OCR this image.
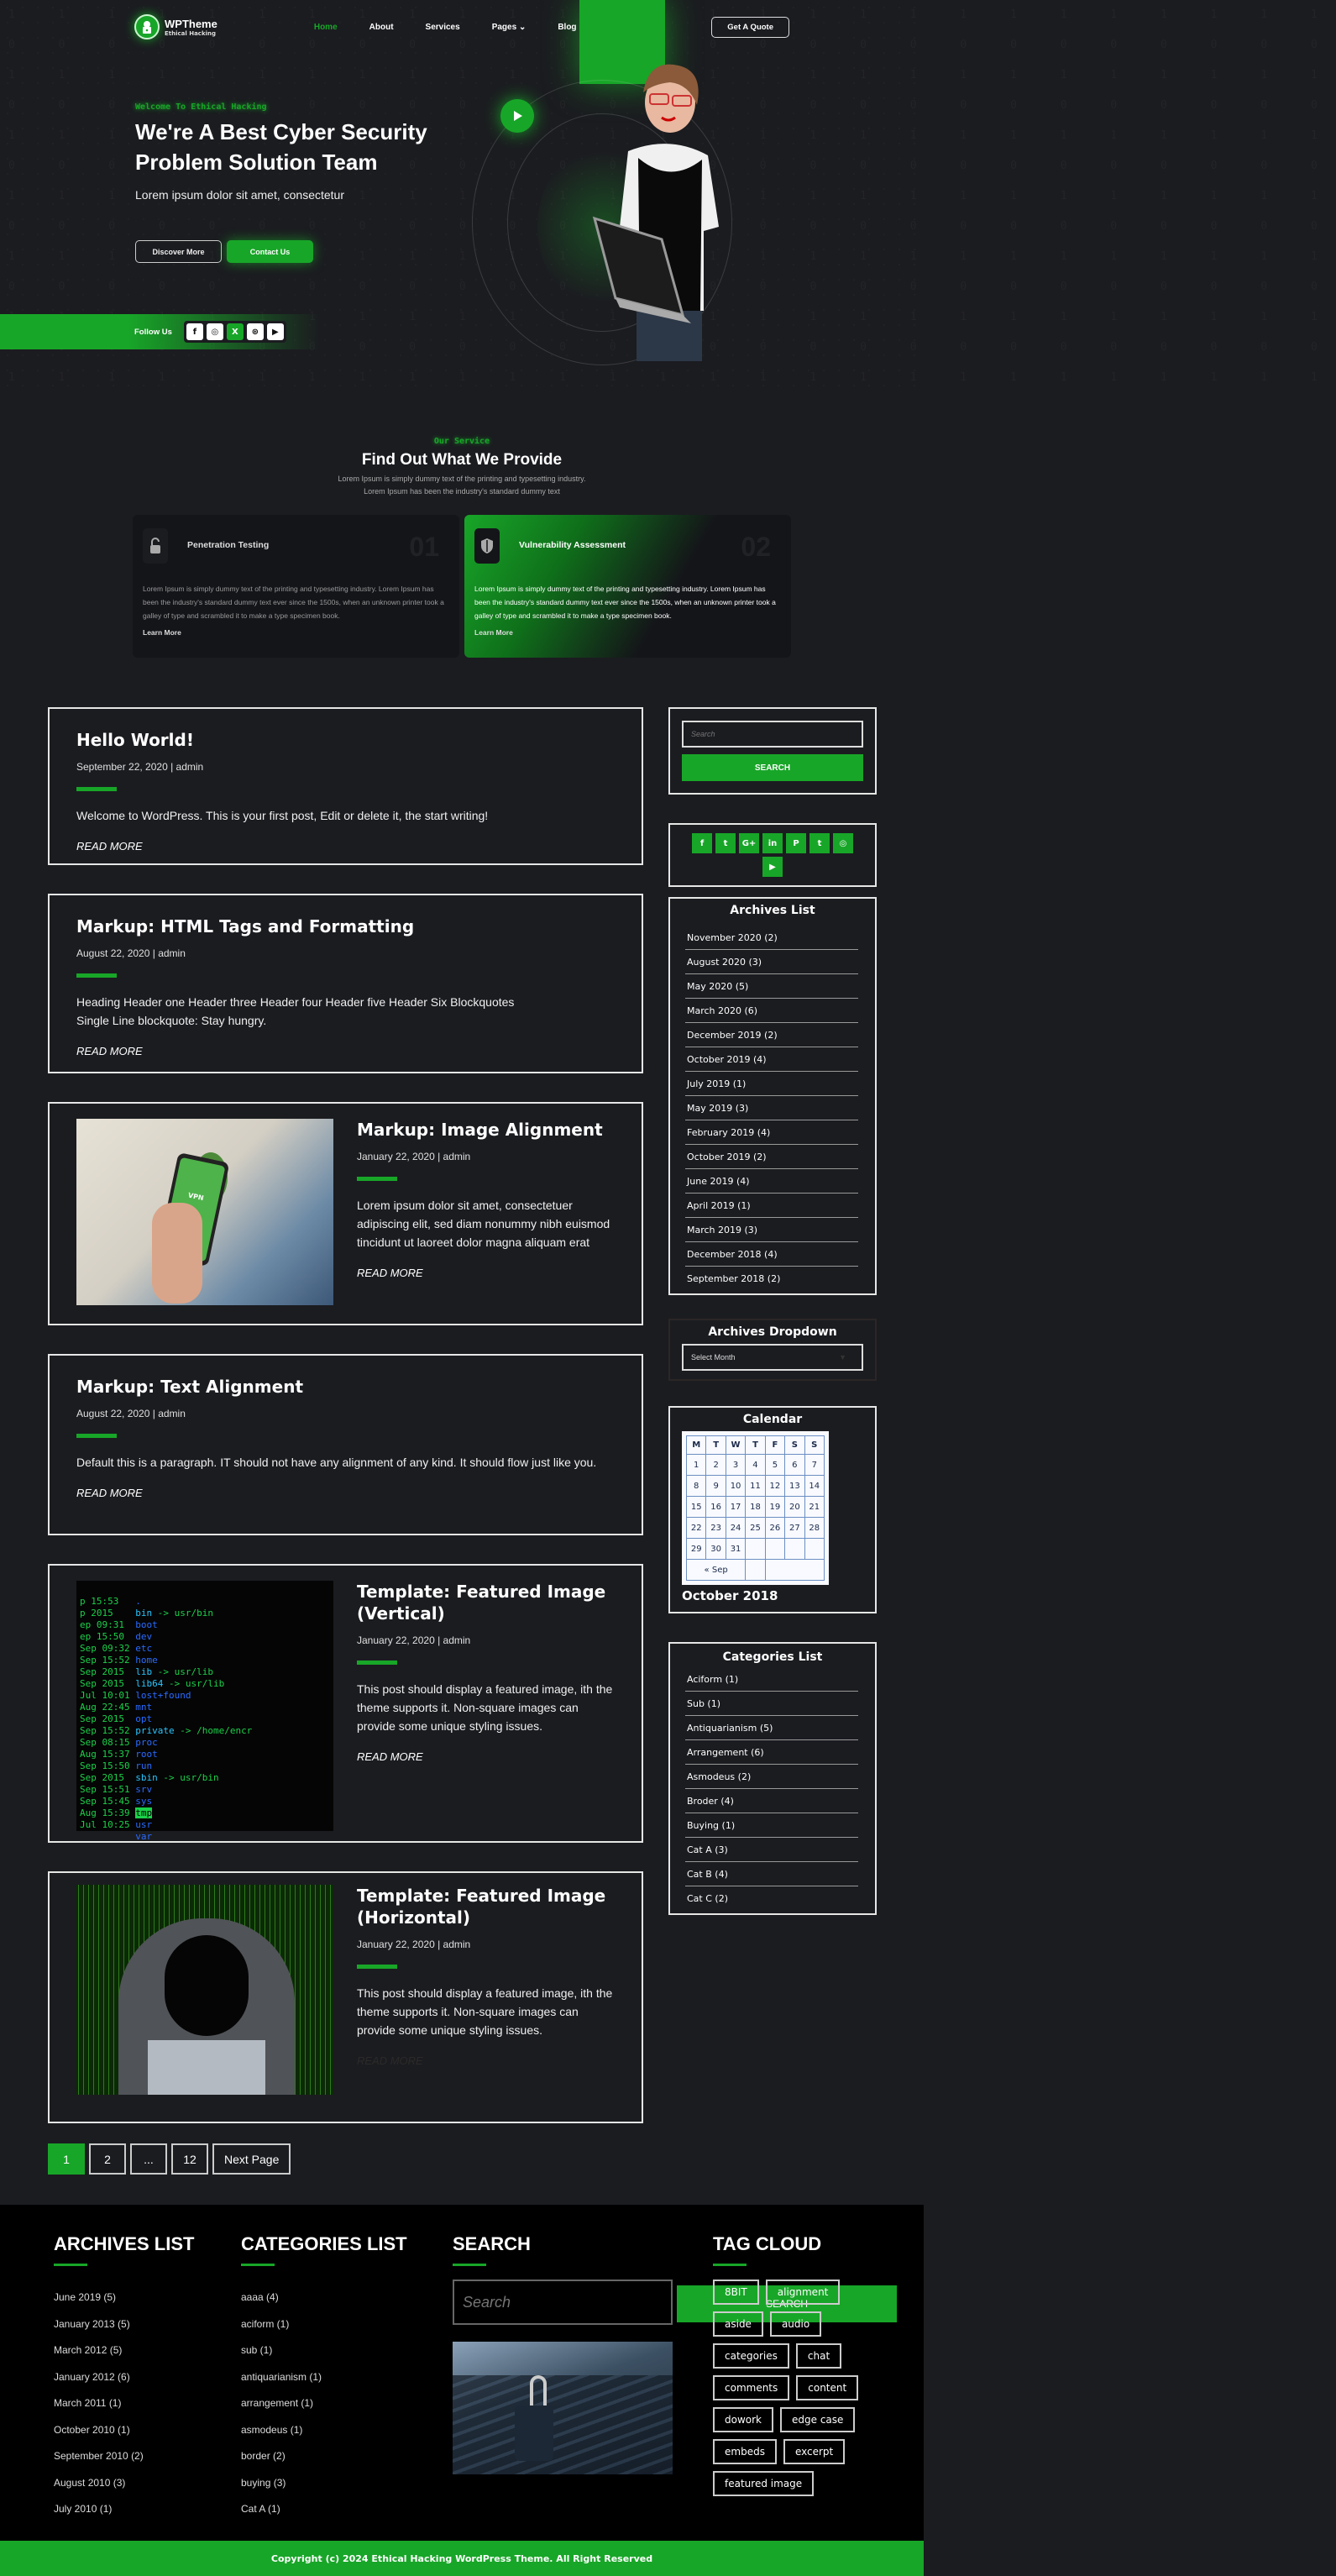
WPTheme
Ethical Hacking
Home	About	Services	Pages ⌄	Blog	Get A Quote
Welcome To Ethical Hacking
We're A Best Cyber Security Problem Solution Team
Lorem ipsum dolor sit amet, consectetur
Discover More	Contact Us
Follow Us	f	◎	X	⊛	▶
Our Service
Find Out What We Provide

Lorem Ipsum is simply dummy text of the printing and typesetting industry.
Lorem Ipsum has been the industry's standard dummy text

Penetration Testing	01
Lorem Ipsum is simply dummy text of the printing and typesetting industry. Lorem Ipsum has been the industry's standard dummy text ever since the 1500s, when an unknown printer took a galley of type and scrambled it to make a type specimen book.
Learn More
Vulnerability Assessment	02
Lorem Ipsum is simply dummy text of the printing and typesetting industry. Lorem Ipsum has been the industry's standard dummy text ever since the 1500s, when an unknown printer took a galley of type and scrambled it to make a type specimen book.
Learn More
Hello World!
September 22, 2020 | admin

Welcome to WordPress. This is your first post, Edit or delete it, the start writing!

READ MORE
Markup: HTML Tags and Formatting
August 22, 2020 | admin

Heading Header one Header three Header four Header five Header Six Blockquotes Single Line blockquote: Stay hungry.

READ MORE
VPN
Markup: Image Alignment
January 22, 2020 | admin

Lorem ipsum dolor sit amet, consectetuer adipiscing elit, sed diam nonummy nibh euismod tincidunt ut laoreet dolor magna aliquam erat

READ MORE
Markup: Text Alignment
August 22, 2020 | admin

Default this is a paragraph. IT should not have any alignment of any kind. It should flow just like you.

READ MORE

p 15:53   .
p 2015    bin -> usr/bin
ep 09:31  boot
ep 15:50  dev
Sep 09:32 etc
Sep 15:52 home
Sep 2015  lib -> usr/lib
Sep 2015  lib64 -> usr/lib
Jul 10:01 lost+found
Aug 22:45 mnt
Sep 2015  opt
Sep 15:52 private -> /home/encr
Sep 08:15 proc
Aug 15:37 root
Sep 15:50 run
Sep 2015  sbin -> usr/bin
Sep 15:51 srv
Sep 15:45 sys
Aug 15:39 tmp
Jul 10:25 usr
var
Template: Featured Image (Vertical)
January 22, 2020 | admin

This post should display a featured image, ith the theme supports it. Non-square images can provide some unique styling issues.

READ MORE
Template: Featured Image (Horizontal)
January 22, 2020 | admin

This post should display a featured image, ith the theme supports it. Non-square images can provide some unique styling issues.

READ MORE
1	2	...	12	Next Page
Search SEARCH
f	t	G+	in	P	t	◎
▶
Archives List
November 2020 (2)
August 2020 (3)
May 2020 (5)
March 2020 (6)
December 2019 (2)
October 2019 (4)
July 2019 (1)
May 2019 (3)
February 2019 (4)
October 2019 (2)
June 2019 (4)
April 2019 (1)
March 2019 (3)
December 2018 (4)
September 2018 (2)
Archives Dropdown
Select Month	▼
Calendar
M	T	W	T	F	S	S
1	2	3	4	5	6	7
8	9	10	11	12	13	14
15	16	17	18	19	20	21
22	23	24	25	26	27	28
29	30	31				
« Sep						
October 2018
Categories List
Aciform (1)
Sub (1)
Antiquarianism (5)
Arrangement (6)
Asmodeus (2)
Broder (4)
Buying (1)
Cat A (3)
Cat B (4)
Cat C (2)
ARCHIVES LIST
June 2019 (5)
January 2013 (5)
March 2012 (5)
January 2012 (6)
March 2011 (1)
October 2010 (1)
September 2010 (2)
August 2010 (3)
July 2010 (1)
CATEGORIES LIST
aaaa (4)
aciform (1)
sub (1)
antiquarianism (1)
arrangement (1)
asmodeus (1)
border (2)
buying (3)
Cat A (1)
SEARCH
Search SEARCH
TAG CLOUD
8BIT	alignment
aside	audio
categories	chat
comments	content
dowork	edge case
embeds	excerpt
featured image
Copyright (c) 2024 Ethical Hacking WordPress Theme. All Right Reserved
